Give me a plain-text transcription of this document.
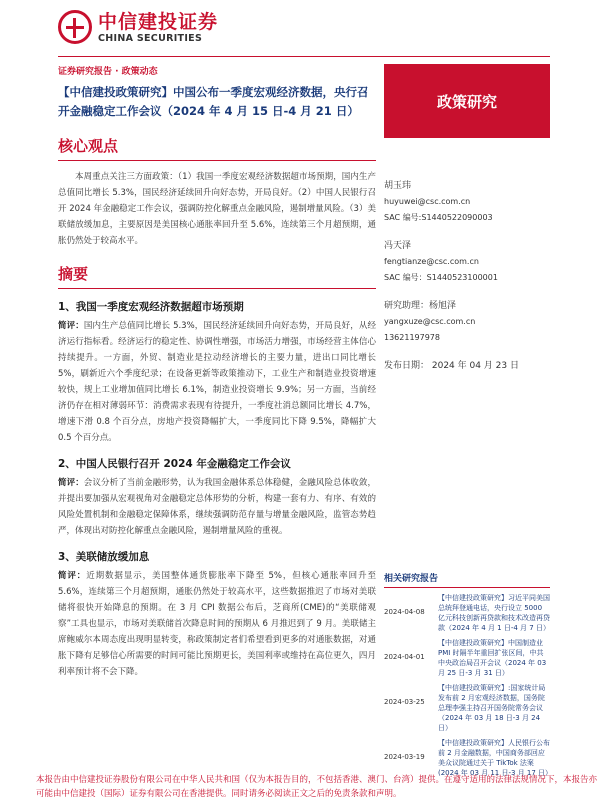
中信建投证券
CHINA SECURITIES
证券研究报告 · 政策动态
【中信建投政策研究】中国公布一季度宏观经济数据，央行召开金融稳定工作会议（2024 年 4 月 15 日-4 月 21 日）
核心观点
本周重点关注三方面政策：（1）我国一季度宏观经济数据超市场预期，国内生产总值同比增长 5.3%，国民经济延续回升向好态势，开局良好。（2）中国人民银行召开 2024 年金融稳定工作会议，强调防控化解重点金融风险，遏制增量风险。（3）美联储放缓加息，主要原因是美国核心通胀率回升至 5.6%，连续第三个月超预期，通胀仍然处于较高水平。
摘要
1、我国一季度宏观经济数据超市场预期
简评：国内生产总值同比增长 5.3%，国民经济延续回升向好态势，开局良好，从经济运行指标看。经济运行的稳定性、协调性增强，市场活力增强，市场经营主体信心持续提升。一方面，外贸、制造业是拉动经济增长的主要力量，进出口同比增长 5%，刷新近六个季度纪录；在设备更新等政策推动下，工业生产和制造业投资增速较快，规上工业增加值同比增长 6.1%，制造业投资增长 9.9%；另一方面，当前经济仍存在相对薄弱环节：消费需求表现有待提升，一季度社消总额同比增长 4.7%，增速下滑 0.8 个百分点，房地产投资降幅扩大，一季度同比下降 9.5%，降幅扩大 0.5 个百分点。
2、中国人民银行召开 2024 年金融稳定工作会议
简评：会议分析了当前金融形势，认为我国金融体系总体稳健，金融风险总体收敛，并提出要加强从宏观视角对金融稳定总体形势的分析，构建一套有力、有序、有效的风险处置机制和金融稳定保障体系，继续强调防范存量与增量金融风险，监管态势趋严，体现出对防控化解重点金融风险，遏制增量风险的重视。
3、美联储放缓加息
简评：近期数据显示，美国整体通货膨胀率下降至 5%，但核心通胀率回升至 5.6%，连续第三个月超预期，通胀仍然处于较高水平，这些数据推迟了市场对美联储将很快开始降息的预期。在 3 月 CPI 数据公布后，芝商所(CME)的“美联储观察”工具也显示，市场对美联储首次降息时间的预期从 6 月推迟到了 9 月。美联储主席鲍威尔本周态度出现明显转变，称政策制定者们希望看到更多的对通胀数据，对通胀下降有足够信心所需要的时间可能比预期更长，美国利率或维持在高位更久，四月利率预计将不会下降。
政策研究
胡玉玮
huyuwei@csc.com.cn
SAC 编号:S1440522090003
冯天泽
fengtianze@csc.com.cn
SAC 编号：S1440523100001
研究助理：杨旭泽
yangxuze@csc.com.cn
13621197978
发布日期： 2024 年 04 月 23 日
相关研究报告
2024-04-08
【中信建投政策研究】习近平同美国总统拜登通电话，央行设立 5000 亿元科技创新再贷款和技术改造再贷款（2024 年 4 月 1 日-4 月 7 日）
2024-04-01
【中信建投政策研究】中国制造业 PMI 时隔半年重回扩张区间，中共中央政治局召开会议（2024 年 03 月 25 日-3 月 31 日）
2024-03-25
【中信建投政策研究】:国家统计局发布前 2 月宏观经济数据，国务院总理李强主持召开国务院常务会议（2024 年 03 月 18 日-3 月 24 日）
2024-03-19
【中信建投政策研究】人民银行公布前 2 月金融数据，中国商务部回应美众议院通过关于 TikTok 法案(2024 年 03 月 11 日-3 月 17 日）
本报告由中信建投证券股份有限公司在中华人民共和国（仅为本报告目的，不包括香港、澳门、台湾）提供。在遵守适用的法律法规情况下，本报告亦可能由中信建投（国际）证券有限公司在香港提供。同时请务必阅读正文之后的免责条款和声明。
